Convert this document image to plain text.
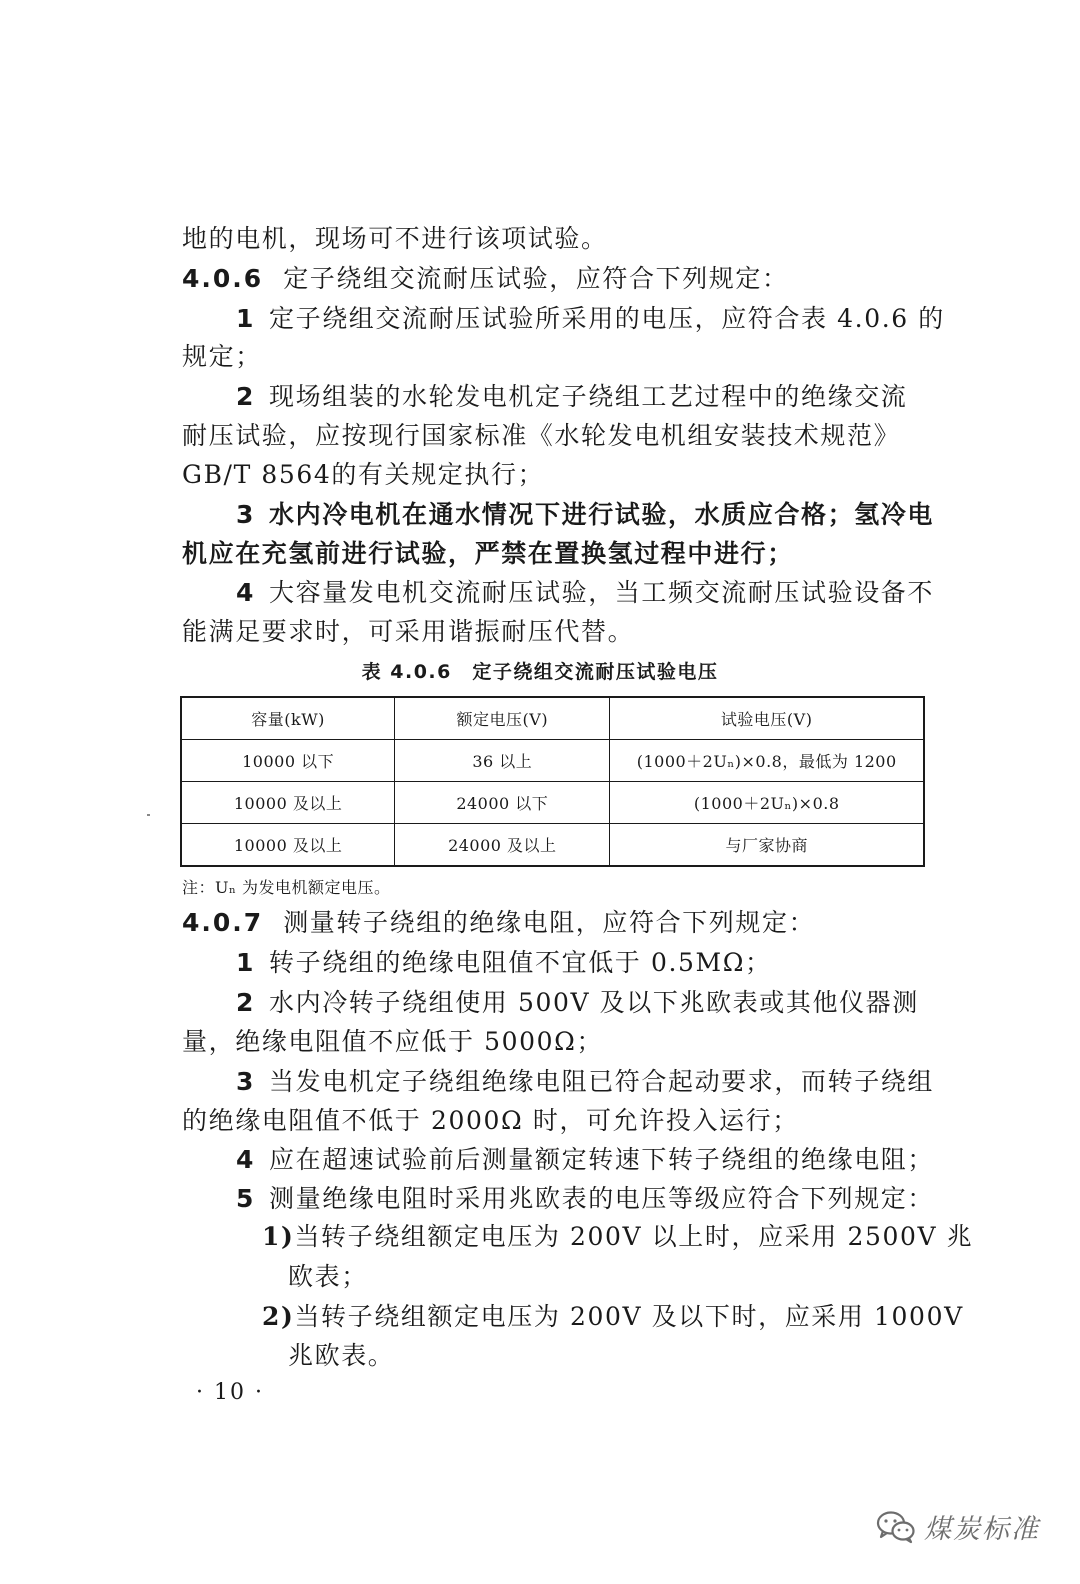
地的电机，现场可不进行该项试验。
4.0.6 定子绕组交流耐压试验，应符合下列规定：
1 定子绕组交流耐压试验所采用的电压，应符合表 4.0.6 的
规定；
2 现场组装的水轮发电机定子绕组工艺过程中的绝缘交流
耐压试验，应按现行国家标准《水轮发电机组安装技术规范》
GB/T 8564的有关规定执行；
3 水内冷电机在通水情况下进行试验，水质应合格；氢冷电
机应在充氢前进行试验，严禁在置换氢过程中进行；
4 大容量发电机交流耐压试验，当工频交流耐压试验设备不
能满足要求时，可采用谐振耐压代替。
表 4.0.6　定子绕组交流耐压试验电压
容量(kW)	额定电压(V)	试验电压(V)
10000 以下	36 以上	(1000＋2Uₙ)×0.8，最低为 1200
10000 及以上	24000 以下	(1000＋2Uₙ)×0.8
10000 及以上	24000 及以上	与厂家协商
注：Uₙ 为发电机额定电压。
4.0.7 测量转子绕组的绝缘电阻，应符合下列规定：
1 转子绕组的绝缘电阻值不宜低于 0.5MΩ；
2 水内冷转子绕组使用 500V 及以下兆欧表或其他仪器测
量，绝缘电阻值不应低于 5000Ω；
3 当发电机定子绕组绝缘电阻已符合起动要求，而转子绕组
的绝缘电阻值不低于 2000Ω 时，可允许投入运行；
4 应在超速试验前后测量额定转速下转子绕组的绝缘电阻；
5 测量绝缘电阻时采用兆欧表的电压等级应符合下列规定：
1)当转子绕组额定电压为 200V 以上时，应采用 2500V 兆
欧表；
2)当转子绕组额定电压为 200V 及以下时，应采用 1000V
兆欧表。
· 10 ·
煤炭标准
